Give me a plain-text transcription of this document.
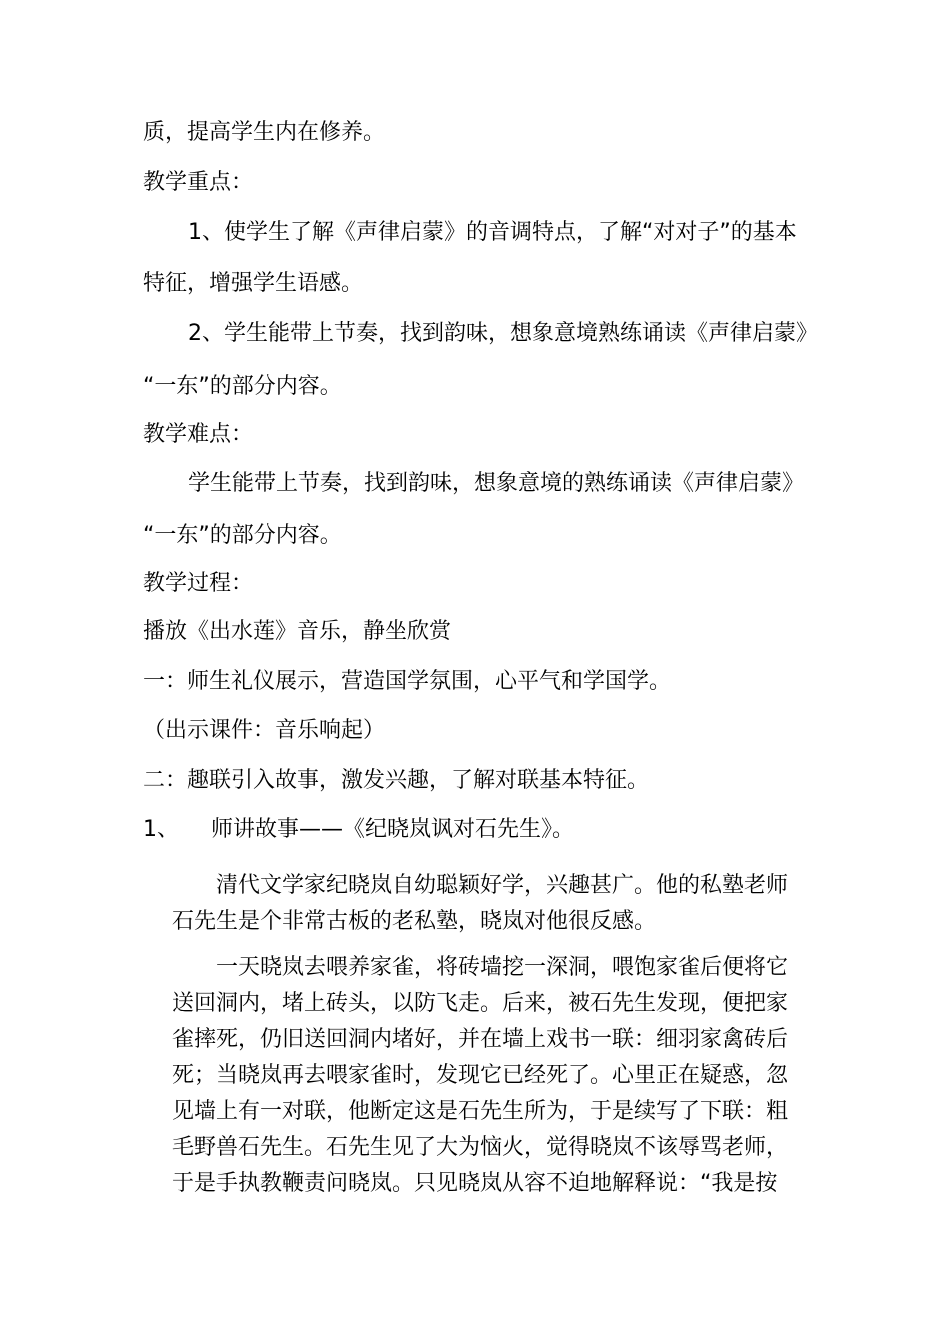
质，提高学生内在修养。
教学重点：
1、使学生了解《声律启蒙》的音调特点，了解“对对子”的基本
特征，增强学生语感。
2、学生能带上节奏，找到韵味，想象意境熟练诵读《声律启蒙》
“一东”的部分内容。
教学难点：
学生能带上节奏，找到韵味，想象意境的熟练诵读《声律启蒙》
“一东”的部分内容。
教学过程：
播放《出水莲》音乐，静坐欣赏
一：师生礼仪展示，营造国学氛围，心平气和学国学。
（出示课件：音乐响起）
二：趣联引入故事，激发兴趣，了解对联基本特征。
1、 师讲故事——《纪晓岚讽对石先生》。
清代文学家纪晓岚自幼聪颖好学，兴趣甚广。他的私塾老师
石先生是个非常古板的老私塾，晓岚对他很反感。
一天晓岚去喂养家雀，将砖墙挖一深洞，喂饱家雀后便将它
送回洞内，堵上砖头，以防飞走。后来，被石先生发现，便把家
雀摔死，仍旧送回洞内堵好，并在墙上戏书一联：细羽家禽砖后
死；当晓岚再去喂家雀时，发现它已经死了。心里正在疑惑，忽
见墙上有一对联，他断定这是石先生所为，于是续写了下联：粗
毛野兽石先生。石先生见了大为恼火，觉得晓岚不该辱骂老师，
于是手执教鞭责问晓岚。只见晓岚从容不迫地解释说：“我是按
